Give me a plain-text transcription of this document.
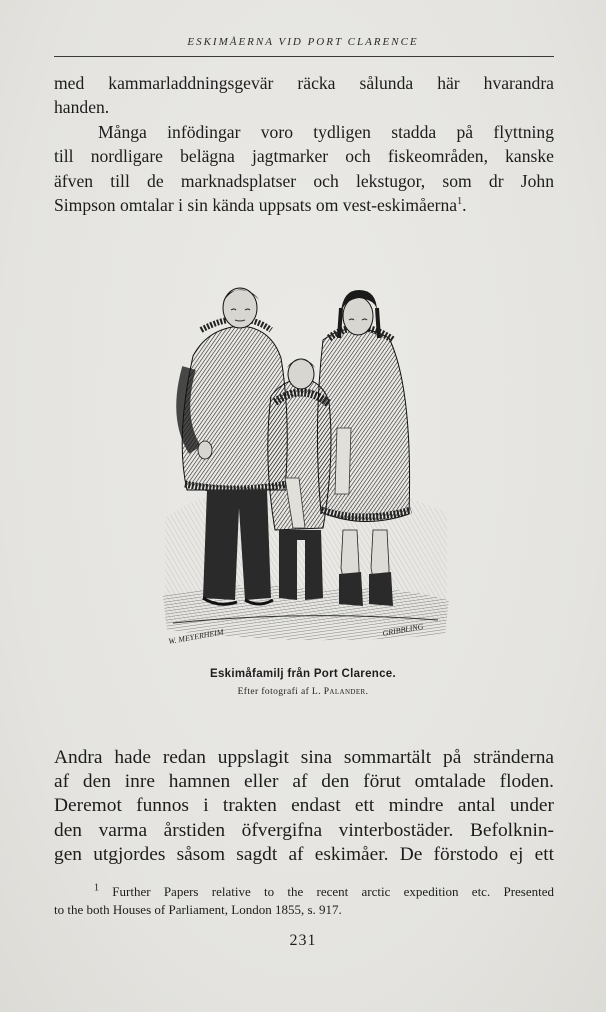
ESKIMÅERNA VID PORT CLARENCE

med kammarladdningsgevär räcka sålunda här hvarandra
handen.

Många infödingar voro tydligen stadda på flyttning
till nordligare belägna jagtmarker och fiskeområden, kanske
äfven till de marknadsplatser och lekstugor, som dr John
Simpson omtalar i sin kända uppsats om vest-eskimåerna$^1$.

W. MEYERHEIM	GRIBBLING
Eskimåfamilj från Port Clarence.
Efter fotografi af L. Palander.

Andra hade redan uppslagit sina sommartält på stränderna
af den inre hamnen eller af den förut omtalade floden.
Deremot funnos i trakten endast ett mindre antal under
den varma årstiden öfvergifna vinterbostäder. Befolknin-
gen utgjordes såsom sagdt af eskimåer. De förstodo ej ett

$^1$ Further Papers relative to the recent arctic expedition etc. Presented
to the both Houses of Parliament, London 1855, s. 917.
231
